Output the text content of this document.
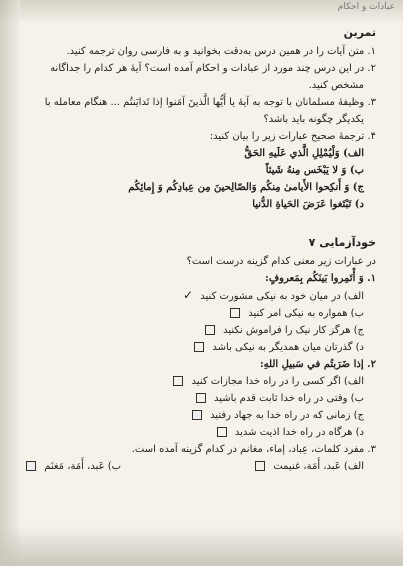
عبادات و احکام
تمرین
۱. متن آیات را در همین درس به‌دقت بخوانید و به فارسی روان ترجمه کنید.
۲. در این درس چند مورد از عبادات و احکام آمده است؟ آیهٔ هر کدام را جداگانه
مشخص کنید.
۳. وظیفهٔ مسلمانان با توجه به آیهٔ یا أَیُّها الَّذینَ آمَنوا إذا تَدایَنتُم ... هنگام معامله با
یکدیگر چگونه باید باشد؟
۴. ترجمهٔ صحیح عبارات زیر را بیان کنید:
الف) وَلْيُمْلِلِ الَّذي عَلَيهِ الحَقُّ
ب) وَ لا يَبْخَس مِنهُ شَيئاً
ج) وَ أَنكِحوا الأَيامىٰ مِنكُم وَالصّالِحينَ مِن عِبادِكُم وَ إِمائِكُم
د) تَبْتَغوا عَرَضَ الحَياةِ الدُّنيا
خودآزمایی ۷
در عبارات زیر معنی کدام گزینه درست است؟
۱. وَ أْتَمِروا بَينَكُم بِمَعروفٍ:
الف) در میان خود به نیکی مشورت کنید ✓
ب) همواره به نیکی امر کنید
ج) هرگز کار نیک را فراموش نکنید
د) گذرتان میان همدیگر به نیکی باشد
۲. إذا ضَرَبتُم في سَبيلِ اللهِ:
الف) اگر کسی را در راه خدا مجازات کنید
ب) وقتی در راه خدا ثابت قدم باشید
ج) زمانی که در راه خدا به جهاد رفتید
د) هرگاه در راه خدا اذیت شدید
۳. مفرد کلمات، عِباد، إماء، مغانم در کدام گزینه آمده است.
الف) عَبد، أَمَة، غنیمت
ب) عَبد، أَمَة، مَغنَم
